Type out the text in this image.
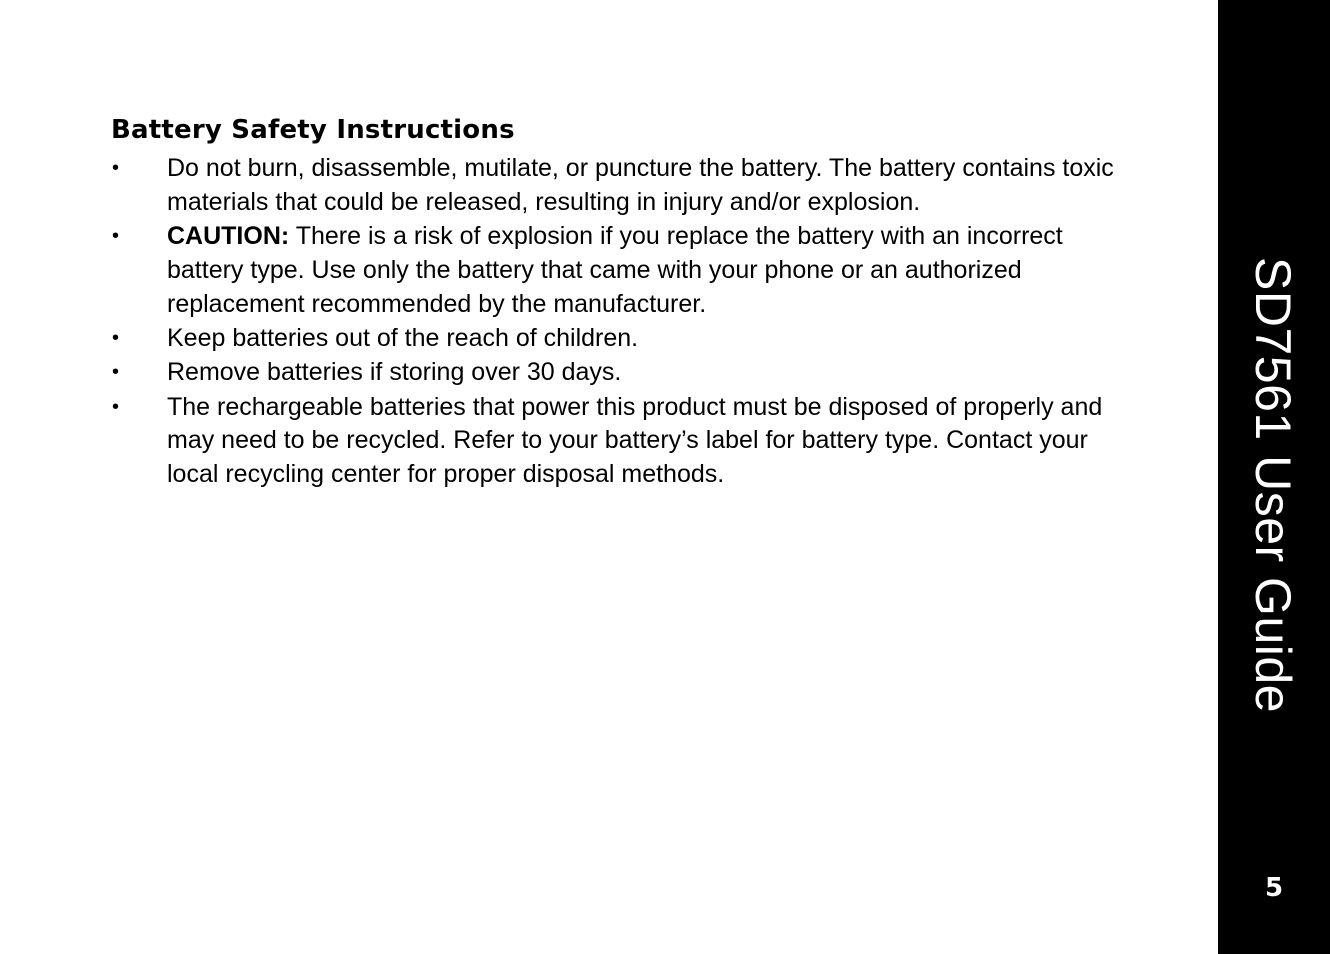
Battery Safety Instructions
• Do not burn, disassemble, mutilate, or puncture the battery. The battery contains toxic materials that could be released, resulting in injury and/or explosion.
• CAUTION: There is a risk of explosion if you replace the battery with an incorrect battery type. Use only the battery that came with your phone or an authorized replacement recommended by the manufacturer.
• Keep batteries out of the reach of children.
• Remove batteries if storing over 30 days.
• The rechargeable batteries that power this product must be disposed of properly and may need to be recycled. Refer to your battery’s label for battery type. Contact your local recycling center for proper disposal methods.	SD7561 User Guide
5
